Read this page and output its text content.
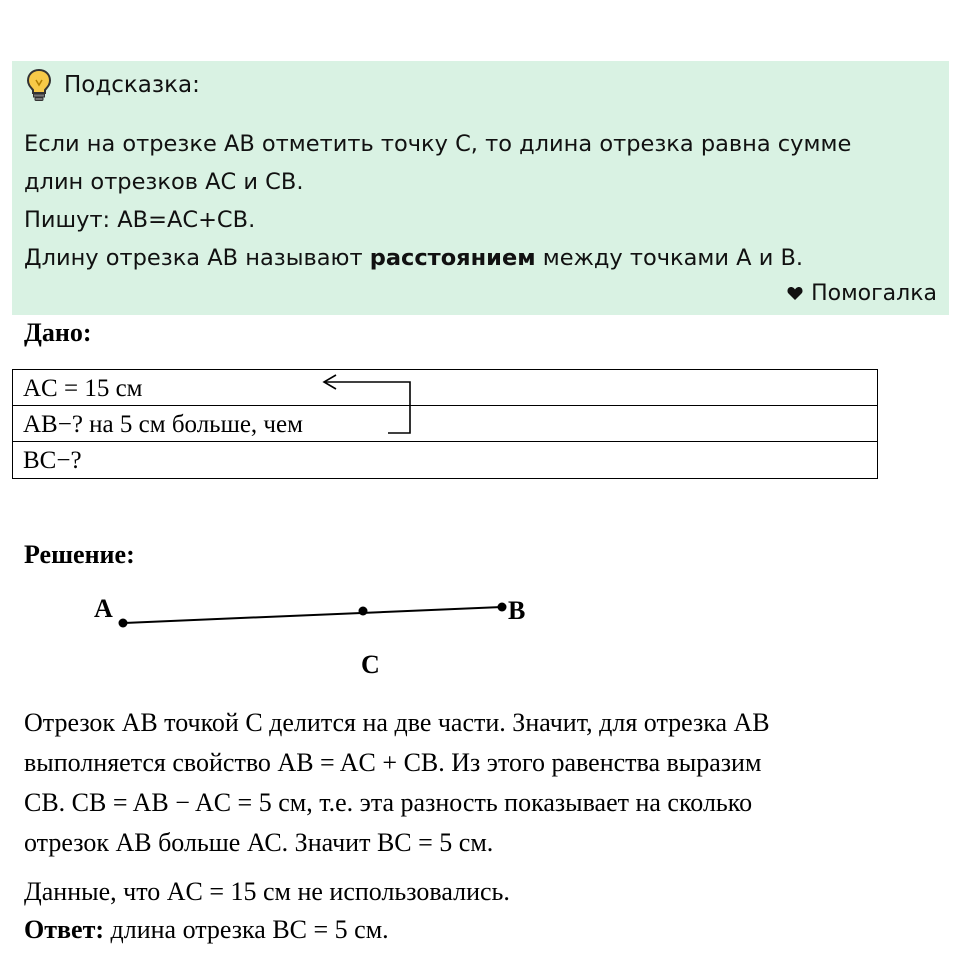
Подсказка:
Если на отрезке АВ отметить точку С, то длина отрезка равна сумме
длин отрезков АС и СВ.
Пишут: АВ=АС+СВ.
Длину отрезка АВ называют расстоянием между точками А и В.
Помогалка
Дано:
AC = 15 см
AB−? на 5 см больше, чем
BC−?
Решение:
A	B
C
Отрезок АВ точкой С делится на две части. Значит, для отрезка АВ
выполняется свойство AB = AC + CB. Из этого равенства выразим
СВ. CB = AB − AC = 5 см, т.е. эта разность показывает на сколько
отрезок АВ больше АС. Значит BC = 5 см.
Данные, что AC = 15 см не использовались.
Ответ: длина отрезка BC = 5 см.
